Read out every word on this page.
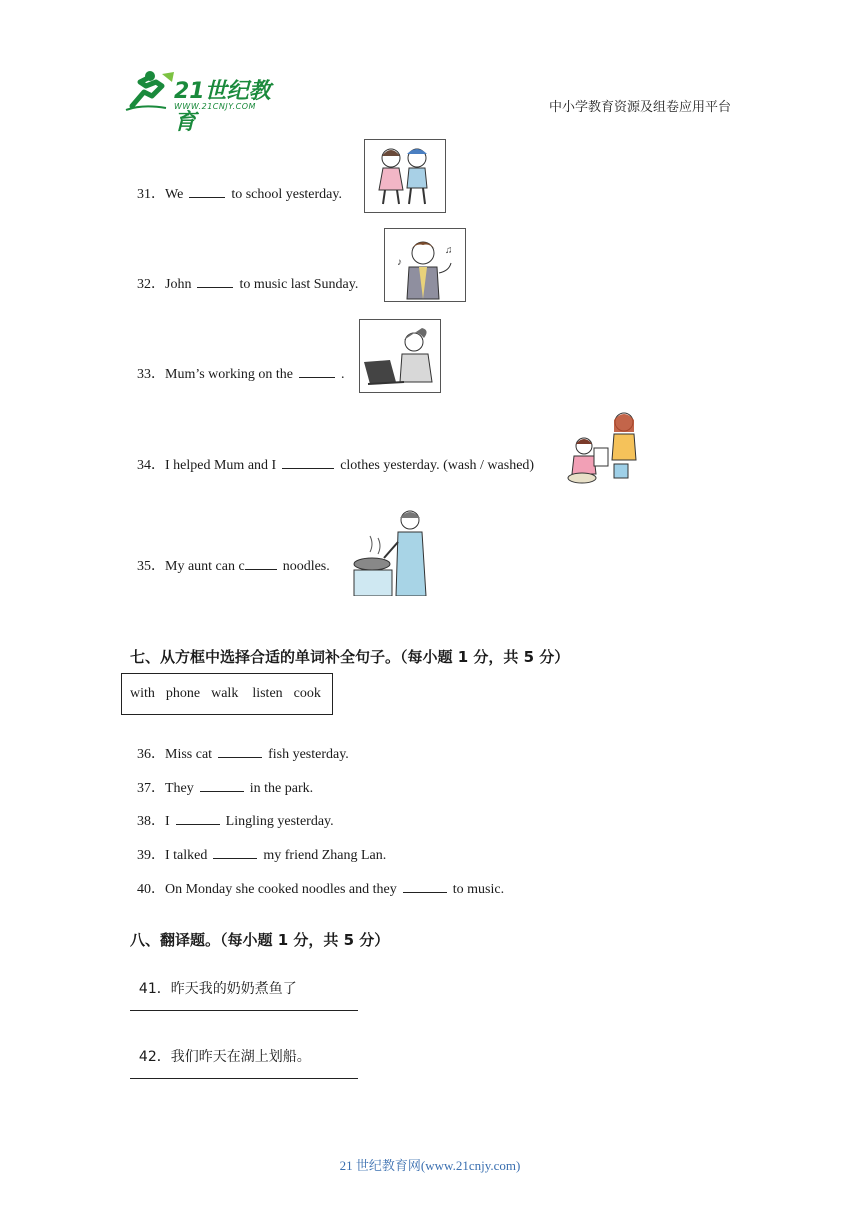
21世纪教育
WWW.21CNJY.COM	中小学教育资源及组卷应用平台

31．We	to school yesterday.

32．John	to music last Sunday.

♪
♫

33．Mum’s working on the	.

34．I helped Mum and I	clothes yesterday. (wash / washed)

35．My aunt can c	noodles.

七、从方框中选择合适的单词补全句子。（每小题 1 分，共 5 分）
with phone walk listen cook

36．Miss cat	fish yesterday.

37．They	in the park.

38．I	Lingling yesterday.

39．I talked	my friend Zhang Lan.

40．On Monday she cooked noodles and they	to music.

八、翻译题。（每小题 1 分，共 5 分）

41．昨天我的奶奶煮鱼了

42．我们昨天在湖上划船。

21 世纪教育网(www.21cnjy.com)
